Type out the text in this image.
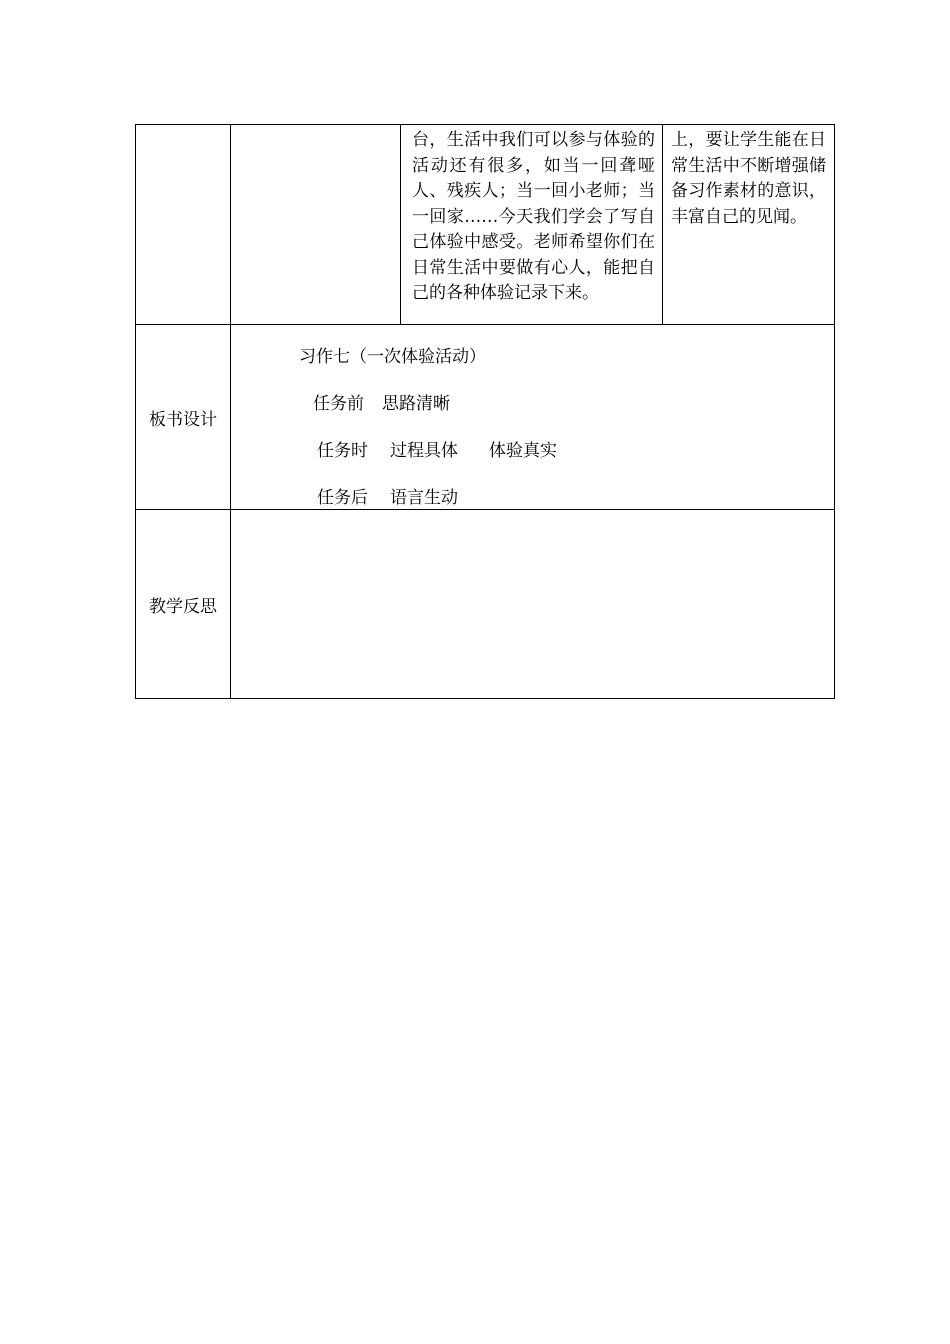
		台，生活中我们可以参与体验的活动还有很多，如当一回聋哑人、残疾人；当一回小老师；当一回家……今天我们学会了写自己体验中感受。老师希望你们在日常生活中要做有心人，能把自己的各种体验记录下来。	上，要让学生能在日常生活中不断增强储备习作素材的意识，丰富自己的见闻。

板书设计	习作七（一次体验活动）
任务前 思路清晰
任务时 过程具体 体验真实
任务后 语言生动		

教学反思			
